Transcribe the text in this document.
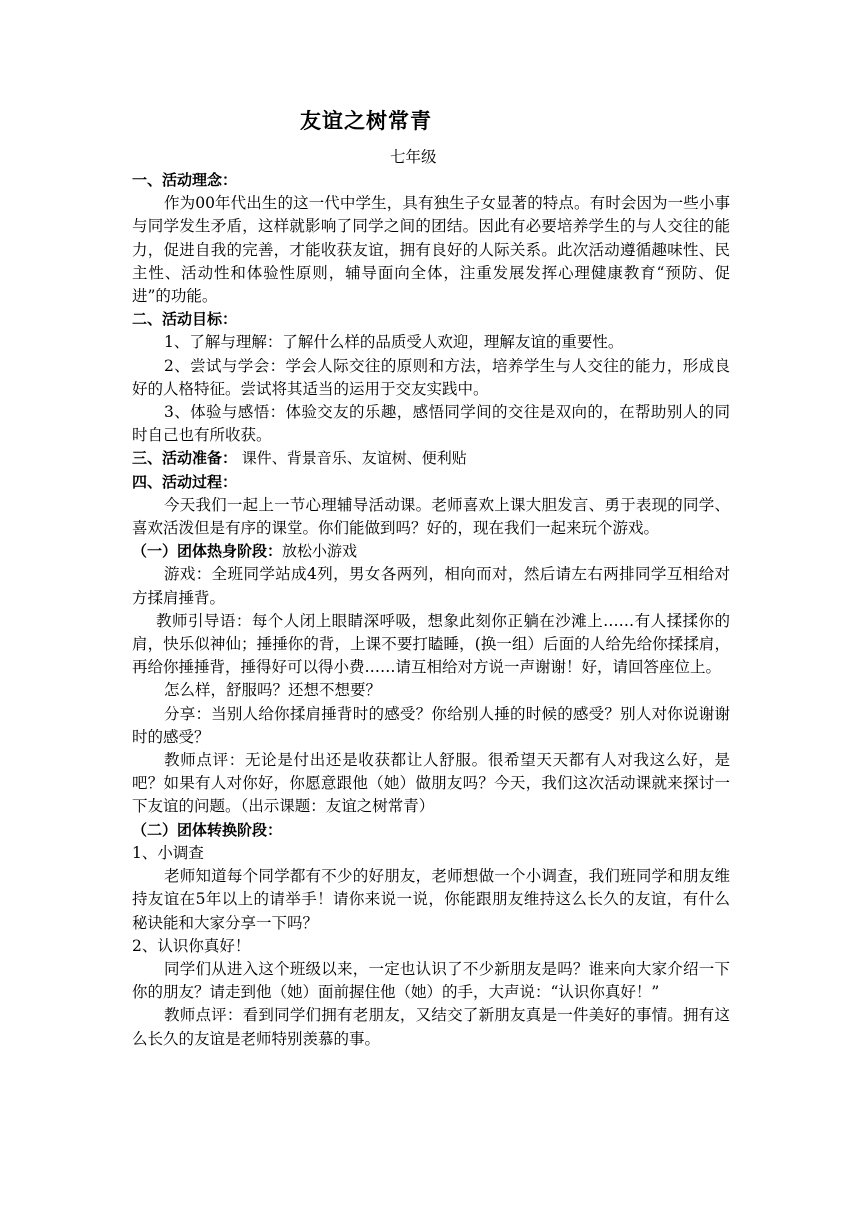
友谊之树常青
七年级

一、活动理念：

作为00年代出生的这一代中学生，具有独生子女显著的特点。有时会因为一些小事与同学发生矛盾，这样就影响了同学之间的团结。因此有必要培养学生的与人交往的能力，促进自我的完善，才能收获友谊，拥有良好的人际关系。此次活动遵循趣味性、民主性、活动性和体验性原则，辅导面向全体，注重发展发挥心理健康教育“预防、促进”的功能。

二、活动目标：

1、了解与理解：了解什么样的品质受人欢迎，理解友谊的重要性。

2、尝试与学会：学会人际交往的原则和方法，培养学生与人交往的能力，形成良好的人格特征。尝试将其适当的运用于交友实践中。

3、体验与感悟：体验交友的乐趣，感悟同学间的交往是双向的，在帮助别人的同时自己也有所收获。

三、活动准备： 课件、背景音乐、友谊树、便利贴

四、活动过程：

今天我们一起上一节心理辅导活动课。老师喜欢上课大胆发言、勇于表现的同学、喜欢活泼但是有序的课堂。你们能做到吗？好的，现在我们一起来玩个游戏。

（一）团体热身阶段：放松小游戏

游戏：全班同学站成4列，男女各两列，相向而对，然后请左右两排同学互相给对方揉肩捶背。

教师引导语：每个人闭上眼睛深呼吸，想象此刻你正躺在沙滩上……有人揉揉你的肩，快乐似神仙；捶捶你的背，上课不要打瞌睡，(换一组）后面的人给先给你揉揉肩，再给你捶捶背，捶得好可以得小费……请互相给对方说一声谢谢！好，请回答座位上。

怎么样，舒服吗？还想不想要？

分享：当别人给你揉肩捶背时的感受？你给别人捶的时候的感受？别人对你说谢谢时的感受？

教师点评：无论是付出还是收获都让人舒服。很希望天天都有人对我这么好，是吧？如果有人对你好，你愿意跟他（她）做朋友吗？今天，我们这次活动课就来探讨一下友谊的问题。（出示课题：友谊之树常青）

（二）团体转换阶段：

1、小调查

老师知道每个同学都有不少的好朋友，老师想做一个小调查，我们班同学和朋友维持友谊在5年以上的请举手！请你来说一说，你能跟朋友维持这么长久的友谊，有什么秘诀能和大家分享一下吗？

2、认识你真好！

同学们从进入这个班级以来，一定也认识了不少新朋友是吗？谁来向大家介绍一下你的朋友？请走到他（她）面前握住他（她）的手，大声说：“认识你真好！”

教师点评：看到同学们拥有老朋友，又结交了新朋友真是一件美好的事情。拥有这么长久的友谊是老师特别羡慕的事。
